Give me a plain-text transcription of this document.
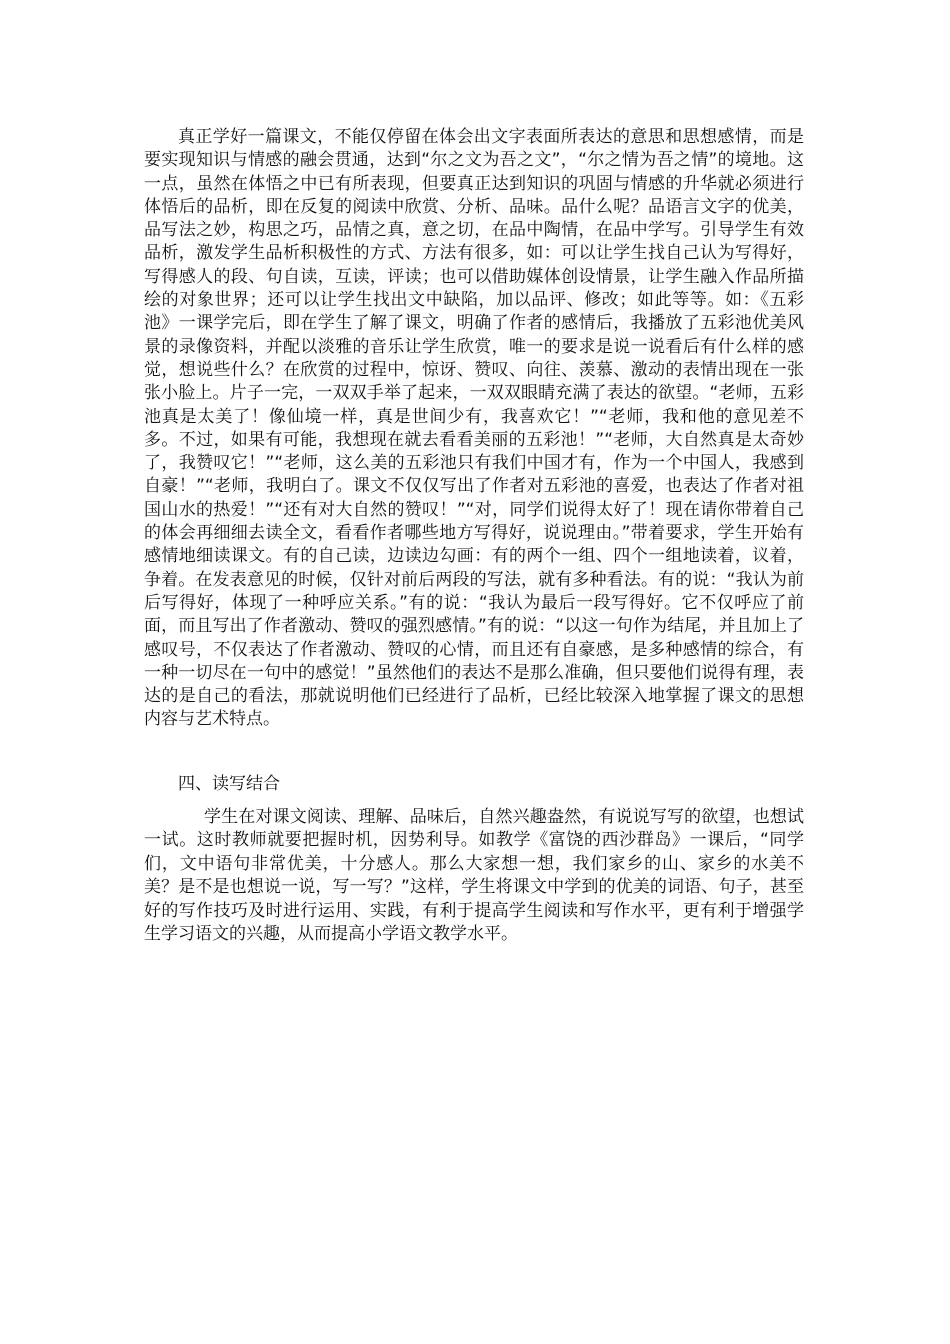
真正学好一篇课文，不能仅停留在体会出文字表面所表达的意思和思想感情，而是要实现知识与情感的融会贯通，达到“尔之文为吾之文”，“尔之情为吾之情”的境地。这一点，虽然在体悟之中已有所表现，但要真正达到知识的巩固与情感的升华就必须进行体悟后的品析，即在反复的阅读中欣赏、分析、品味。品什么呢？品语言文字的优美，品写法之妙，构思之巧，品情之真，意之切，在品中陶情，在品中学写。引导学生有效品析，激发学生品析积极性的方式、方法有很多，如：可以让学生找自己认为写得好，写得感人的段、句自读，互读，评读；也可以借助媒体创设情景，让学生融入作品所描绘的对象世界；还可以让学生找出文中缺陷，加以品评、修改；如此等等。如：《五彩池》一课学完后，即在学生了解了课文，明确了作者的感情后，我播放了五彩池优美风景的录像资料，并配以淡雅的音乐让学生欣赏，唯一的要求是说一说看后有什么样的感觉，想说些什么？在欣赏的过程中，惊讶、赞叹、向往、羡慕、激动的表情出现在一张张小脸上。片子一完，一双双手举了起来，一双双眼睛充满了表达的欲望。“老师，五彩池真是太美了！像仙境一样，真是世间少有，我喜欢它！”“老师，我和他的意见差不多。不过，如果有可能，我想现在就去看看美丽的五彩池！”“老师，大自然真是太奇妙了，我赞叹它！”“老师，这么美的五彩池只有我们中国才有，作为一个中国人，我感到自豪！”“老师，我明白了。课文不仅仅写出了作者对五彩池的喜爱，也表达了作者对祖国山水的热爱！”“还有对大自然的赞叹！”“对，同学们说得太好了！现在请你带着自己的体会再细细去读全文，看看作者哪些地方写得好，说说理由。”带着要求，学生开始有感情地细读课文。有的自己读，边读边勾画：有的两个一组、四个一组地读着，议着，争着。在发表意见的时候，仅针对前后两段的写法，就有多种看法。有的说：“我认为前后写得好，体现了一种呼应关系。”有的说：“我认为最后一段写得好。它不仅呼应了前面，而且写出了作者激动、赞叹的强烈感情。”有的说：“以这一句作为结尾，并且加上了感叹号，不仅表达了作者激动、赞叹的心情，而且还有自豪感，是多种感情的综合，有一种一切尽在一句中的感觉！”虽然他们的表达不是那么准确，但只要他们说得有理，表达的是自己的看法，那就说明他们已经进行了品析，已经比较深入地掌握了课文的思想内容与艺术特点。

四、读写结合

学生在对课文阅读、理解、品味后，自然兴趣盎然，有说说写写的欲望，也想试一试。这时教师就要把握时机，因势利导。如教学《富饶的西沙群岛》一课后，“同学们，文中语句非常优美，十分感人。那么大家想一想，我们家乡的山、家乡的水美不美？是不是也想说一说，写一写？”这样，学生将课文中学到的优美的词语、句子，甚至好的写作技巧及时进行运用、实践，有利于提高学生阅读和写作水平，更有利于增强学生学习语文的兴趣，从而提高小学语文教学水平。
